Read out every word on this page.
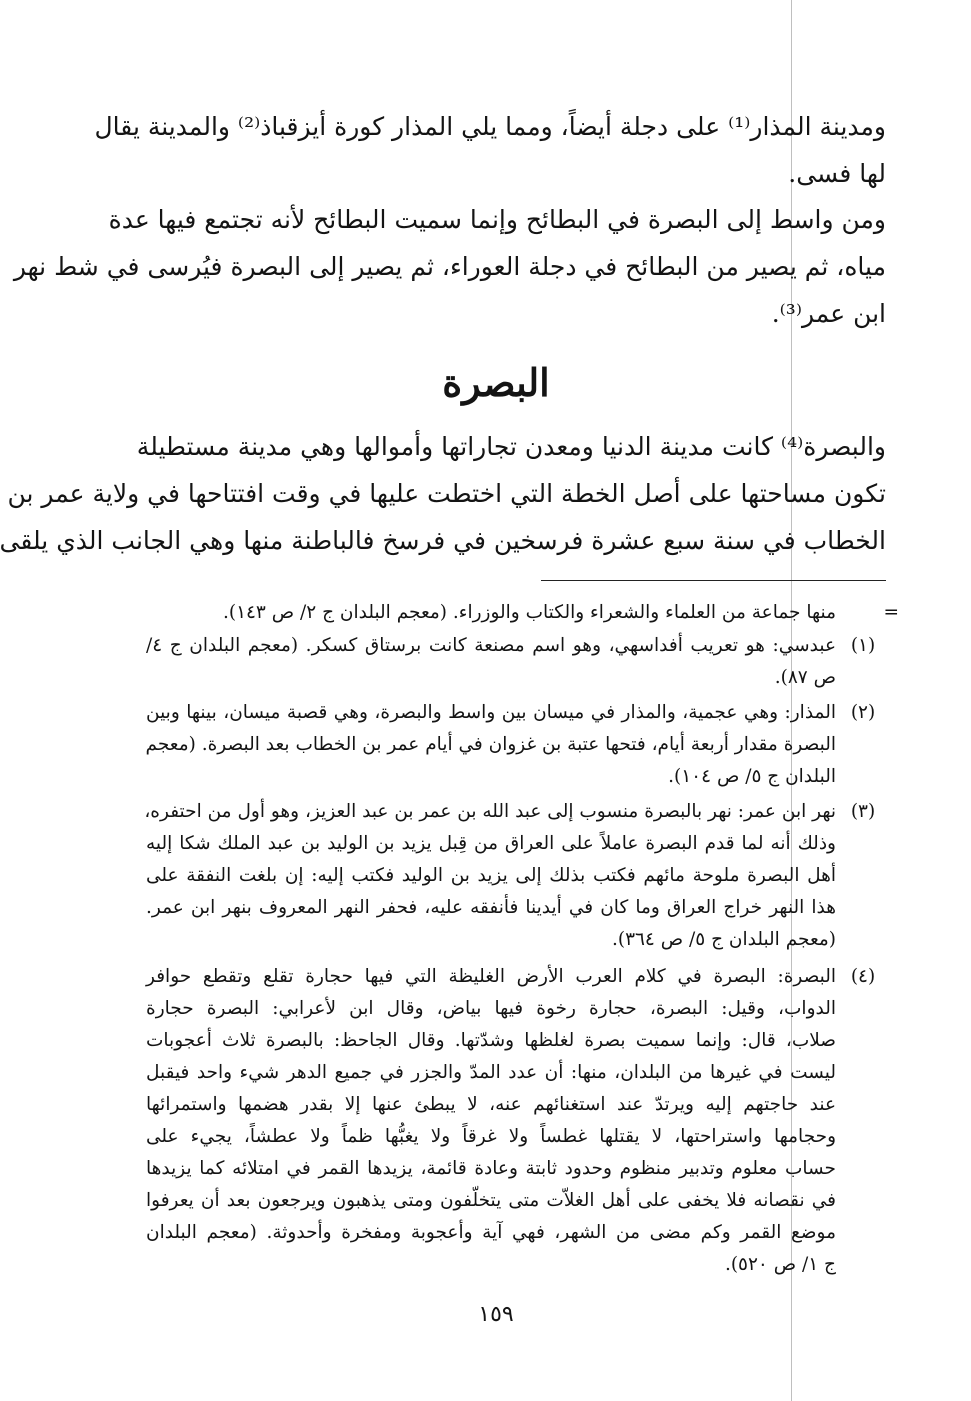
ومدينة المذار⁽¹⁾ على دجلة أيضاً، ومما يلي المذار كورة أيزقباذ⁽²⁾ والمدينة يقال
لها فسى.
ومن واسط إلى البصرة في البطائح وإنما سميت البطائح لأنه تجتمع فيها عدة
مياه، ثم يصير من البطائح في دجلة العوراء، ثم يصير إلى البصرة فيُرسى في شط نهر
ابن عمر⁽³⁾.
البصرة
والبصرة⁽⁴⁾ كانت مدينة الدنيا ومعدن تجاراتها وأموالها وهي مدينة مستطيلة
تكون مساحتها على أصل الخطة التي اختطت عليها في وقت افتتاحها في ولاية عمر بن
الخطاب في سنة سبع عشرة فرسخين في فرسخ فالباطنة منها وهي الجانب الذي يلقى
=
منها جماعة من العلماء والشعراء والكتاب والوزراء. (معجم البلدان ج ٢/ ص ١٤٣).
(١)
عبدسي: هو تعريب أفداسهي، وهو اسم مصنعة كانت برستاق كسكر. (معجم البلدان ج ٤/
ص ٨٧).
(٢)
المذار: وهي عجمية، والمذار في ميسان بين واسط والبصرة، وهي قصبة ميسان، بينها وبين
البصرة مقدار أربعة أيام، فتحها عتبة بن غزوان في أيام عمر بن الخطاب بعد البصرة. (معجم
البلدان ج ٥/ ص ١٠٤).
(٣)
نهر ابن عمر: نهر بالبصرة منسوب إلى عبد الله بن عمر بن عبد العزيز، وهو أول من احتفره،
وذلك أنه لما قدم البصرة عاملاً على العراق من قِبل يزيد بن الوليد بن عبد الملك شكا إليه
أهل البصرة ملوحة مائهم فكتب بذلك إلى يزيد بن الوليد فكتب إليه: إن بلغت النفقة على
هذا النهر خراج العراق وما كان في أيدينا فأنفقه عليه، فحفر النهر المعروف بنهر ابن عمر.
(معجم البلدان ج ٥/ ص ٣٦٤).
(٤)
البصرة: البصرة في كلام العرب الأرض الغليظة التي فيها حجارة تقلع وتقطع حوافر
الدواب، وقيل: البصرة، حجارة رخوة فيها بياض، وقال ابن لأعرابي: البصرة حجارة
صلاب، قال: وإنما سميت بصرة لغلظها وشدّتها. وقال الجاحظ: بالبصرة ثلاث أعجوبات
ليست في غيرها من البلدان، منها: أن عدد المدّ والجزر في جميع الدهر شيء واحد فيقبل
عند حاجتهم إليه ويرتدّ عند استغنائهم عنه، لا يبطئ عنها إلا بقدر هضمها واستمرائها
وحجامها واستراحتها، لا يقتلها غطساً ولا غرقاً ولا يغبُّها ظماً ولا عطشاً، يجيء على
حساب معلوم وتدبير منظوم وحدود ثابتة وعادة قائمة، يزيدها القمر في امتلائه كما يزيدها
في نقصانه فلا يخفى على أهل الغلاّت متى يتخلّفون ومتى يذهبون ويرجعون بعد أن يعرفوا
موضع القمر وكم مضى من الشهر، فهي آية وأعجوبة ومفخرة وأحدوثة. (معجم البلدان
ج ١/ ص ٥٢٠).
١٥٩
